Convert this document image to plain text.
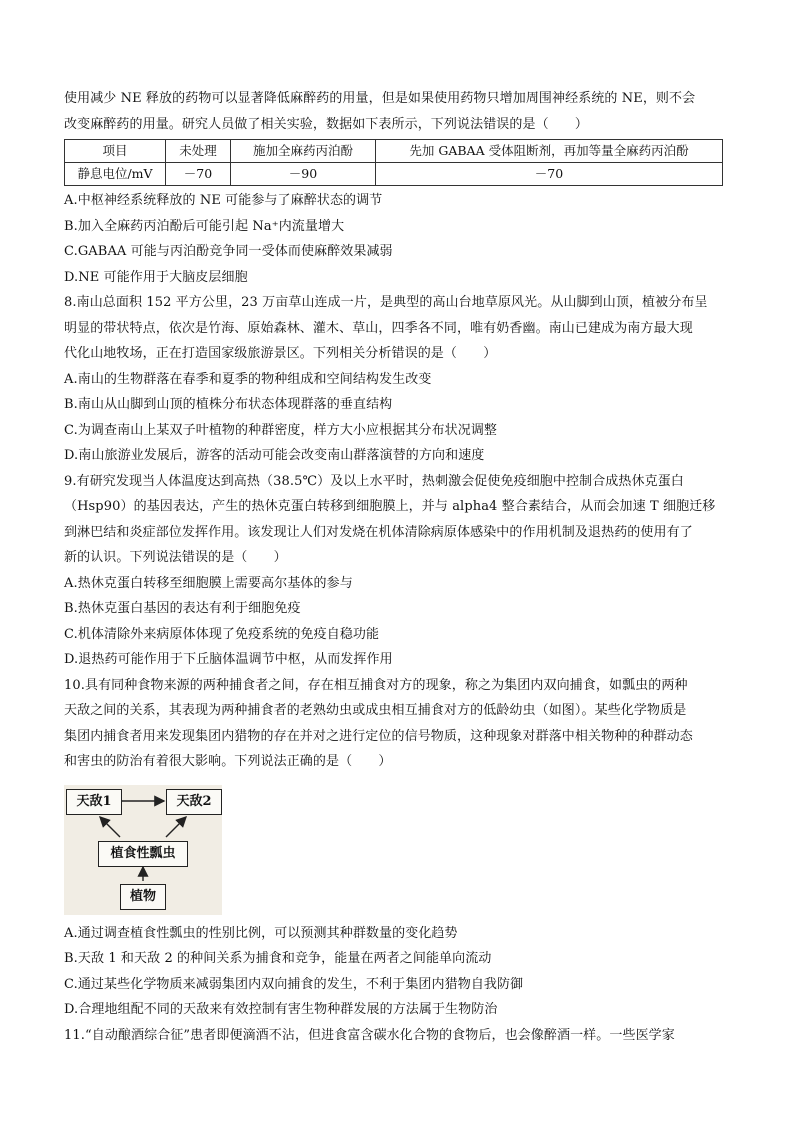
使用减少 NE 释放的药物可以显著降低麻醉药的用量，但是如果使用药物只增加周围神经系统的 NE，则不会
改变麻醉药的用量。研究人员做了相关实验，数据如下表所示，下列说法错误的是（　　）
项目	未处理	施加全麻药丙泊酚	先加 GABAA 受体阻断剂，再加等量全麻药丙泊酚
静息电位/mV	－70	－90	－70
A.中枢神经系统释放的 NE 可能参与了麻醉状态的调节
B.加入全麻药丙泊酚后可能引起 Na⁺内流量增大
C.GABAA 可能与丙泊酚竞争同一受体而使麻醉效果减弱
D.NE 可能作用于大脑皮层细胞
8.南山总面积 152 平方公里，23 万亩草山连成一片，是典型的高山台地草原风光。从山脚到山顶，植被分布呈
明显的带状特点，依次是竹海、原始森林、灌木、草山，四季各不同，唯有奶香幽。南山已建成为南方最大现
代化山地牧场，正在打造国家级旅游景区。下列相关分析错误的是（　　）
A.南山的生物群落在春季和夏季的物种组成和空间结构发生改变
B.南山从山脚到山顶的植株分布状态体现群落的垂直结构
C.为调查南山上某双子叶植物的种群密度，样方大小应根据其分布状况调整
D.南山旅游业发展后，游客的活动可能会改变南山群落演替的方向和速度
9.有研究发现当人体温度达到高热（38.5℃）及以上水平时，热刺激会促使免疫细胞中控制合成热休克蛋白
（Hsp90）的基因表达，产生的热休克蛋白转移到细胞膜上，并与 alpha4 整合素结合，从而会加速 T 细胞迁移
到淋巴结和炎症部位发挥作用。该发现让人们对发烧在机体清除病原体感染中的作用机制及退热药的使用有了
新的认识。下列说法错误的是（　　）
A.热休克蛋白转移至细胞膜上需要高尔基体的参与
B.热休克蛋白基因的表达有利于细胞免疫
C.机体清除外来病原体体现了免疫系统的免疫自稳功能
D.退热药可能作用于下丘脑体温调节中枢，从而发挥作用
10.具有同种食物来源的两种捕食者之间，存在相互捕食对方的现象，称之为集团内双向捕食，如瓢虫的两种
天敌之间的关系，其表现为两种捕食者的老熟幼虫或成虫相互捕食对方的低龄幼虫（如图）。某些化学物质是
集团内捕食者用来发现集团内猎物的存在并对之进行定位的信号物质，这种现象对群落中相关物种的种群动态
和害虫的防治有着很大影响。下列说法正确的是（　　）
天敌1	天敌2
植食性瓢虫
植物
A.通过调查植食性瓢虫的性别比例，可以预测其种群数量的变化趋势
B.天敌 1 和天敌 2 的种间关系为捕食和竞争，能量在两者之间能单向流动
C.通过某些化学物质来减弱集团内双向捕食的发生，不利于集团内猎物自我防御
D.合理地组配不同的天敌来有效控制有害生物种群发展的方法属于生物防治
11.“自动酿酒综合征”患者即便滴酒不沾，但进食富含碳水化合物的食物后，也会像醉酒一样。一些医学家
